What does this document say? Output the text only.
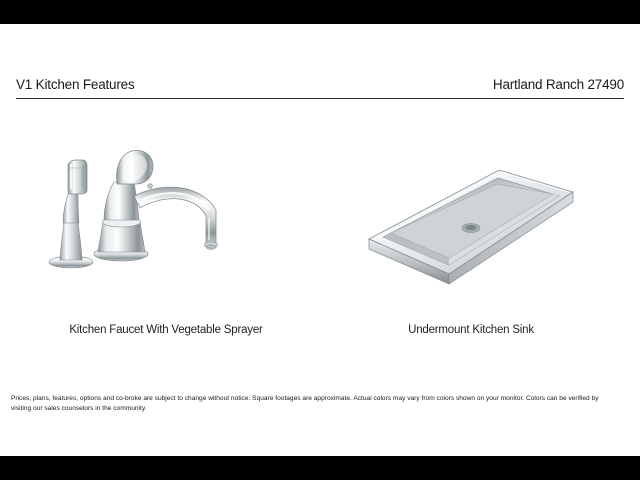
V1 Kitchen Features	Hartland Ranch 27490
Kitchen Faucet With Vegetable Sprayer	Undermount Kitchen Sink
Prices, plans, features, options and co-broke are subject to change without notice. Square footages are approximate. Actual colors may vary from colors shown on your monitor. Colors can be verified by visiting our sales counselors in the community.
